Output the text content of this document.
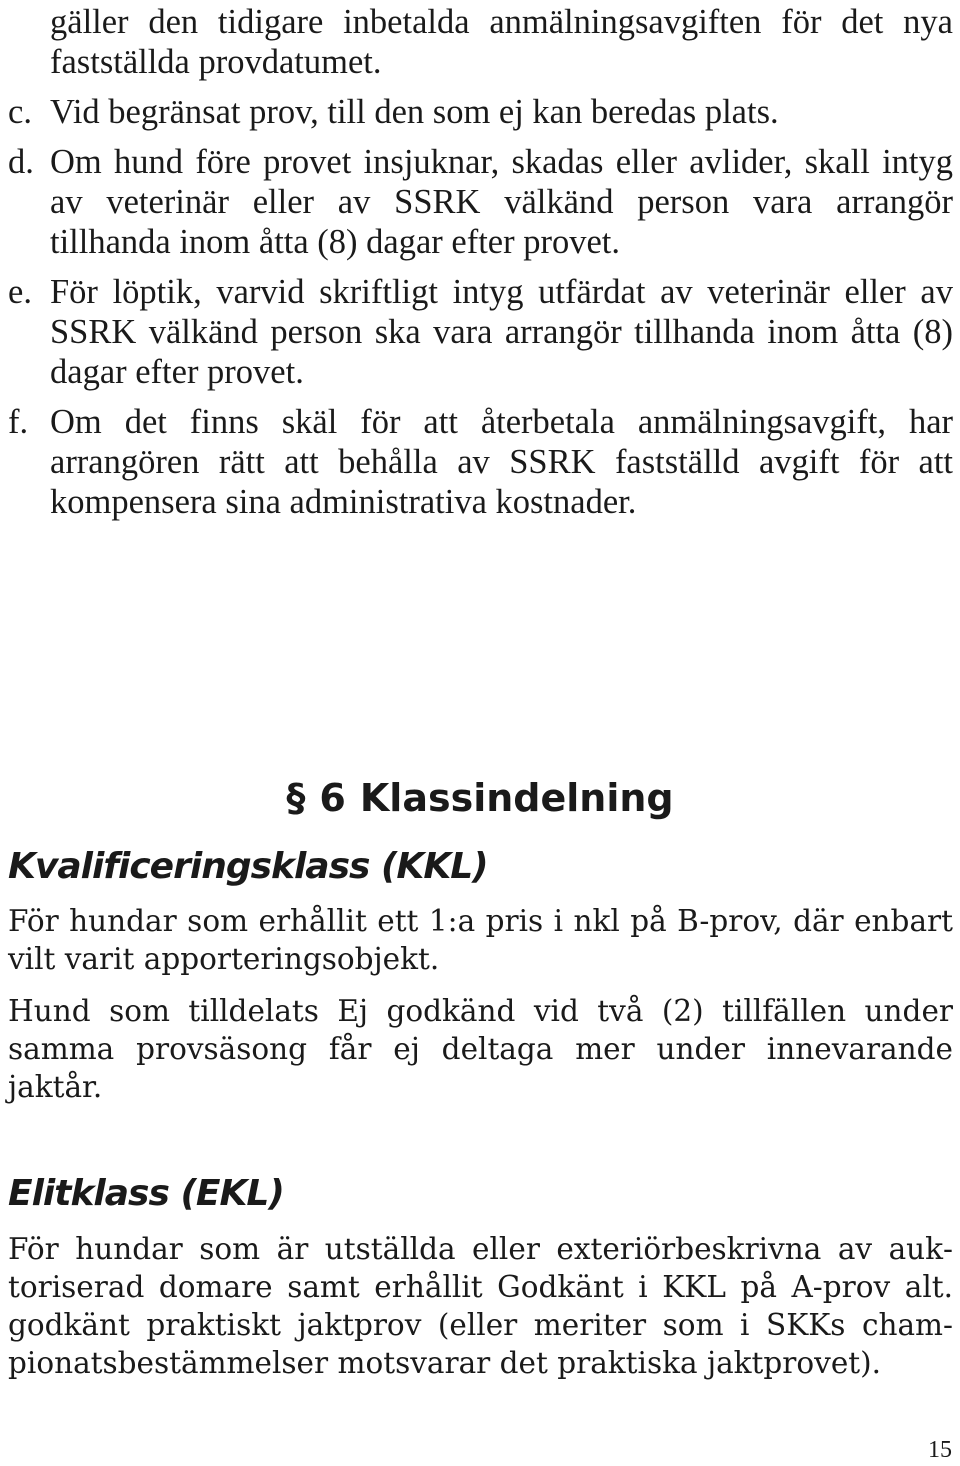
gäller den tidigare inbetalda anmälningsavgiften för det nya fastställda provdatumet.

c. Vid begränsat prov, till den som ej kan beredas plats.

d. Om hund före provet insjuknar, skadas eller avlider, skall intyg av veterinär eller av SSRK välkänd person vara arrangör tillhanda inom åtta (8) dagar efter provet.

e. För löptik, varvid skriftligt intyg utfärdat av veterinär eller av SSRK välkänd person ska vara arrangör tillhanda inom åtta (8) dagar efter provet.

f. Om det finns skäl för att återbetala anmälningsavgift, har arrangören rätt att behålla av SSRK fastställd avgift för att kompensera sina administrativa kostnader.

§ 6 Klassindelning
Kvalificeringsklass (KKL)

För hundar som erhållit ett 1:a pris i nkl på B-prov, där enbart vilt varit apporteringsobjekt.

Hund som tilldelats Ej godkänd vid två (2) tillfällen under samma provsäsong får ej deltaga mer under innevarande jaktår.

Elitklass (EKL)

För hundar som är utställda eller exteriörbeskrivna av auktoriserad domare samt erhållit Godkänt i KKL på A-prov alt. godkänt praktiskt jaktprov (eller meriter som i SKKs championatsbestämmelser motsvarar det praktiska jaktprovet).

15
